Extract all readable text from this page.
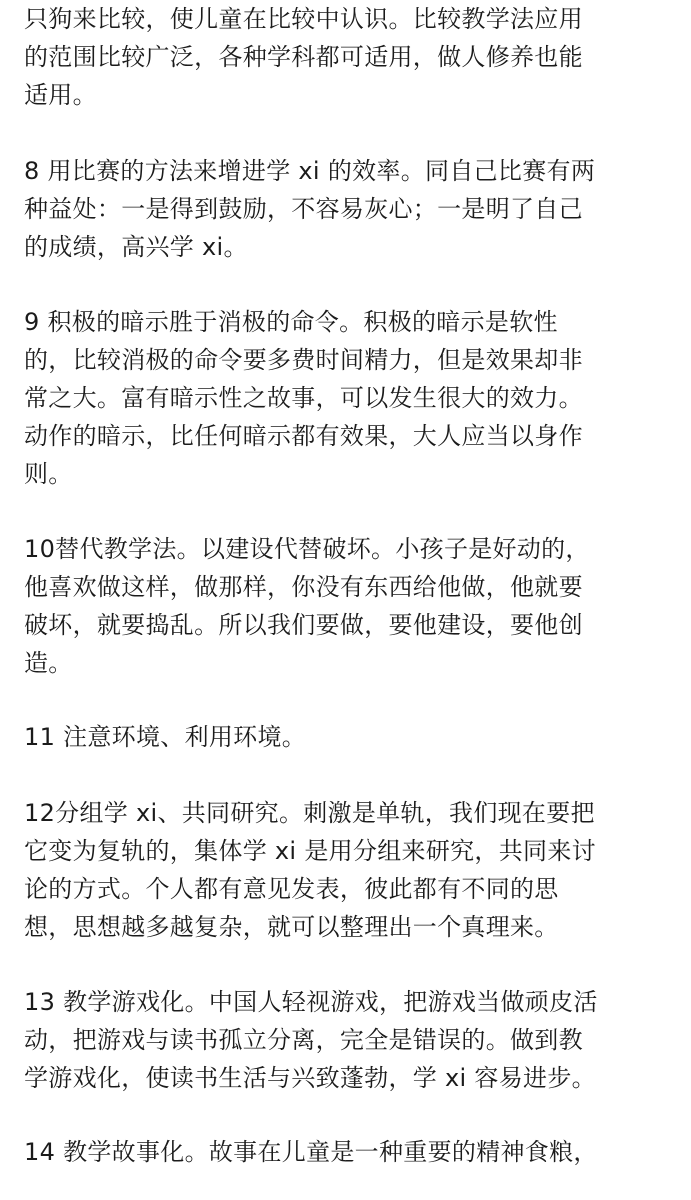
只狗来比较，使儿童在比较中认识。比较教学法应用
的范围比较广泛，各种学科都可适用，做人修养也能
适用。
8 用比赛的方法来增进学 xi 的效率。同自己比赛有两
种益处：一是得到鼓励，不容易灰心；一是明了自己
的成绩，高兴学 xi。
9 积极的暗示胜于消极的命令。积极的暗示是软性
的，比较消极的命令要多费时间精力，但是效果却非
常之大。富有暗示性之故事，可以发生很大的效力。
动作的暗示，比任何暗示都有效果，大人应当以身作
则。
10替代教学法。以建设代替破坏。小孩子是好动的，
他喜欢做这样，做那样，你没有东西给他做，他就要
破坏，就要捣乱。所以我们要做，要他建设，要他创
造。
11 注意环境、利用环境。
12分组学 xi、共同研究。刺激是单轨，我们现在要把
它变为复轨的，集体学 xi 是用分组来研究，共同来讨
论的方式。个人都有意见发表，彼此都有不同的思
想，思想越多越复杂，就可以整理出一个真理来。
13 教学游戏化。中国人轻视游戏，把游戏当做顽皮活
动，把游戏与读书孤立分离，完全是错误的。做到教
学游戏化，使读书生活与兴致蓬勃，学 xi 容易进步。
14 教学故事化。故事在儿童是一种重要的精神食粮，
